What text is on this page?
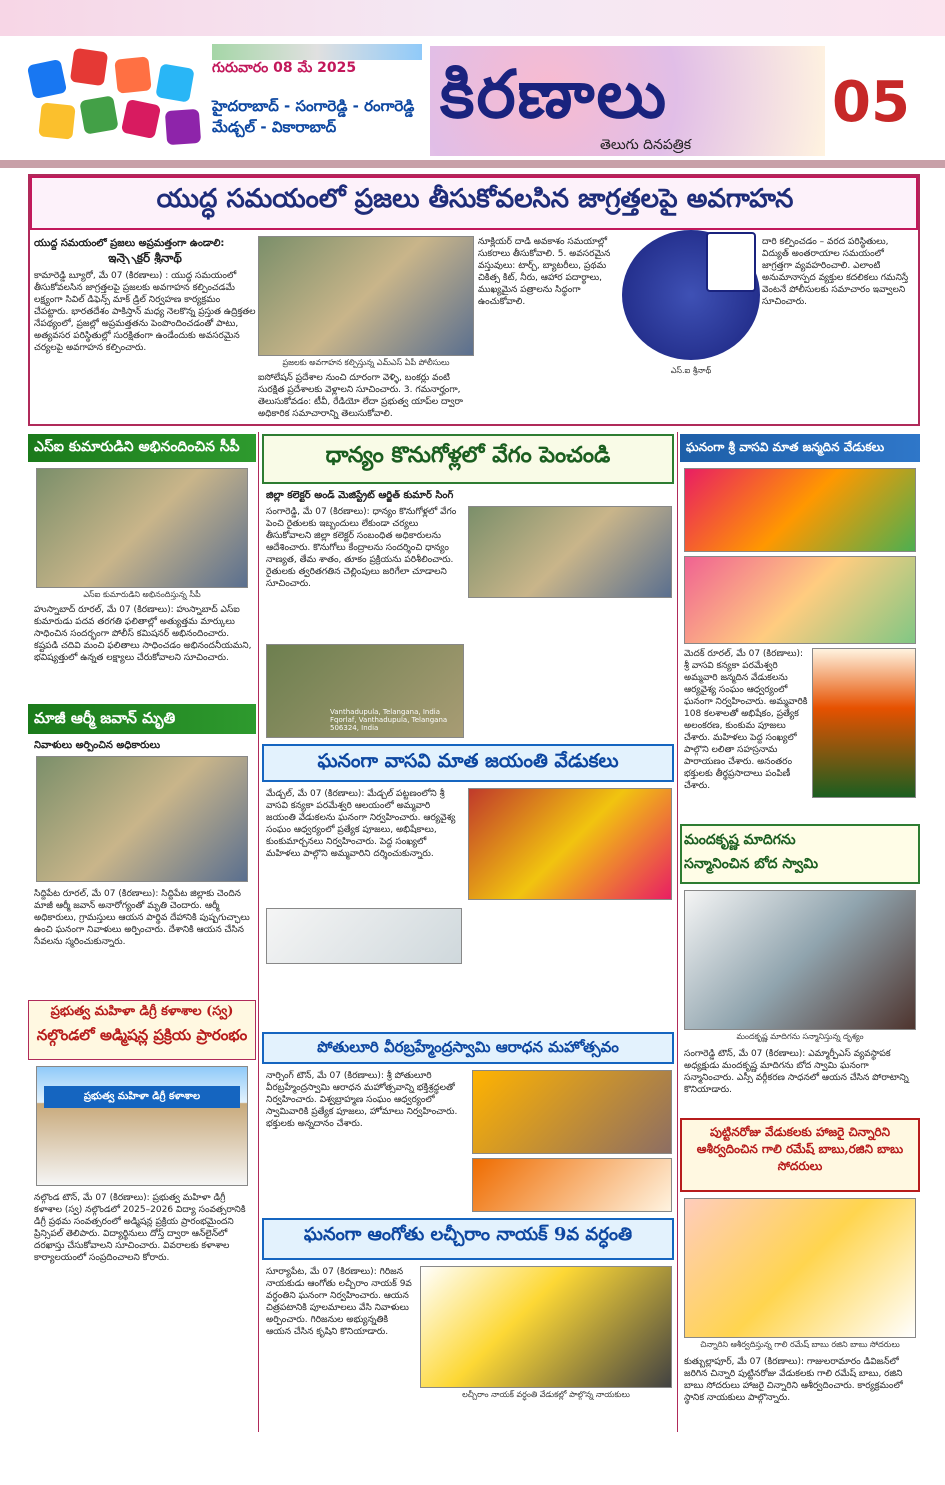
గురువారం 08 మే 2025
హైదరాబాద్ - సంగారెడ్డి - రంగారెడ్డి
మేడ్చల్ - వికారాబాద్	కిరణాలు
తెలుగు దినపత్రిక
05
యుద్ధ సమయంలో ప్రజలు తీసుకోవలసిన జాగ్రత్తలపై అవగాహన
యుద్ధ సమయంలో ప్రజలు అప్రమత్తంగా ఉండాలి:
ఇన్స్పెక్టర్ శ్రీనాథ్
కామారెడ్డి బ్యూరో, మే 07 (కిరణాలు) : యుద్ధ సమయంలో తీసుకోవలసిన జాగ్రత్తలపై ప్రజలకు అవగాహన కల్పించడమే లక్ష్యంగా సివిల్ డిఫెన్స్ మాక్ డ్రిల్ నిర్వహణ కార్యక్రమం చేపట్టారు. భారతదేశం పాకిస్తాన్ మధ్య నెలకొన్న ప్రస్తుత ఉద్రిక్తతల నేపథ్యంలో, ప్రజల్లో అప్రమత్తతను పెంపొందించడంతో పాటు, అత్యవసర పరిస్థితుల్లో సురక్షితంగా ఉండేందుకు అవసరమైన చర్యలపై అవగాహన కల్పించారు.
ప్రజలకు అవగాహన కల్పిస్తున్న ఎమ్‌ఎస్ ఏపీ పోలీసులు
ఐసోలేషన్ ప్రదేశాల నుంచి దూరంగా వెళ్ళి, బంకర్లు వంటి సురక్షిత ప్రదేశాలకు వెళ్లాలని సూచించారు. 3. గమనార్హంగా, తెలుసుకోవడం: టీవీ, రేడియో లేదా ప్రభుత్వ యాప్‌ల ద్వారా అధికారిక సమాచారాన్ని తెలుసుకోవాలి.
నూక్లియర్ దాడి అవకాశం సమయాల్లో సుకరాలు తీసుకోవాలి. 5. అవసరమైన వస్తువులు: టార్చ్, బ్యాటరీలు, ప్రథమ చికిత్స కిట్, నీరు, ఆహార పదార్థాలు, ముఖ్యమైన పత్రాలను సిద్ధంగా ఉంచుకోవాలి.
ఎస్.ఐ శ్రీనాథ్
దారి కల్పించడం – వరద పరిస్థితులు, విద్యుత్ అంతరాయాల సమయంలో జాగ్రత్తగా వ్యవహరించాలి. ఎలాంటి అనుమానాస్పద వ్యక్తుల కదలికలు గమనిస్తే వెంటనే పోలీసులకు సమాచారం ఇవ్వాలని సూచించారు.
ఎస్ఐ కుమారుడిని అభినందించిన సీపీ
ఎస్ఐ కుమారుడిని అభినందిస్తున్న సీపీ
హుస్నాబాద్ రూరల్, మే 07 (కిరణాలు): హుస్నాబాద్ ఎస్ఐ కుమారుడు పదవ తరగతి ఫలితాల్లో అత్యుత్తమ మార్కులు సాధించిన సందర్భంగా పోలీస్ కమిషనర్ అభినందించారు. కష్టపడి చదివి మంచి ఫలితాలు సాధించడం అభినందనీయమని, భవిష్యత్తులో ఉన్నత లక్ష్యాలు చేరుకోవాలని సూచించారు.
మాజీ ఆర్మీ జవాన్ మృతి
నివాళులు అర్పించిన అధికారులు
సిద్దిపేట రూరల్, మే 07 (కిరణాలు): సిద్దిపేట జిల్లాకు చెందిన మాజీ ఆర్మీ జవాన్ అనారోగ్యంతో మృతి చెందారు. ఆర్మీ అధికారులు, గ్రామస్తులు ఆయన పార్థివ దేహానికి పుష్పగుచ్ఛాలు ఉంచి ఘనంగా నివాళులు అర్పించారు. దేశానికి ఆయన చేసిన సేవలను స్మరించుకున్నారు.
ప్రభుత్వ మహిళా డిగ్రీ కళాశాల (స్వ)
నల్గొండలో అడ్మిషన్ల ప్రక్రియ ప్రారంభం
ప్రభుత్వ మహిళా డిగ్రీ కళాశాల
నల్గొండ టౌన్, మే 07 (కిరణాలు): ప్రభుత్వ మహిళా డిగ్రీ కళాశాల (స్వ) నల్గొండలో 2025–2026 విద్యా సంవత్సరానికి డిగ్రీ ప్రథమ సంవత్సరంలో అడ్మిషన్ల ప్రక్రియ ప్రారంభమైందని ప్రిన్సిపల్ తెలిపారు. విద్యార్థినులు దోస్త్ ద్వారా ఆన్‌లైన్‌లో దరఖాస్తు చేసుకోవాలని సూచించారు. వివరాలకు కళాశాల కార్యాలయంలో సంప్రదించాలని కోరారు.
ధాన్యం కొనుగోళ్లలో వేగం పెంచండి
జిల్లా కలెక్టర్ అండ్ మెజిస్ట్రేట్ ఆర్జిత్ కుమార్ సింగ్
సంగారెడ్డి, మే 07 (కిరణాలు): ధాన్యం కొనుగోళ్లలో వేగం పెంచి రైతులకు ఇబ్బందులు లేకుండా చర్యలు తీసుకోవాలని జిల్లా కలెక్టర్ సంబంధిత అధికారులను ఆదేశించారు. కొనుగోలు కేంద్రాలను సందర్శించి ధాన్యం నాణ్యత, తేమ శాతం, తూకం ప్రక్రియను పరిశీలించారు. రైతులకు త్వరితగతిన చెల్లింపులు జరిగేలా చూడాలని సూచించారు.
Vanthadupula, Telangana, India
Fqorlaf, Vanthadupula, Telangana 506324, India
ఘనంగా వాసవి మాత జయంతి వేడుకలు
మేడ్చల్, మే 07 (కిరణాలు): మేడ్చల్ పట్టణంలోని శ్రీ వాసవి కన్యకా పరమేశ్వరి ఆలయంలో అమ్మవారి జయంతి వేడుకలను ఘనంగా నిర్వహించారు. ఆర్యవైశ్య సంఘం ఆధ్వర్యంలో ప్రత్యేక పూజలు, అభిషేకాలు, కుంకుమార్చనలు నిర్వహించారు. పెద్ద సంఖ్యలో మహిళలు పాల్గొని అమ్మవారిని దర్శించుకున్నారు.
పోతులూరి వీరబ్రహ్మేంద్రస్వామి ఆరాధన మహోత్సవం
నార్సింగ్ టౌన్, మే 07 (కిరణాలు): శ్రీ పోతులూరి వీరబ్రహ్మేంద్రస్వామి ఆరాధన మహోత్సవాన్ని భక్తిశ్రద్ధలతో నిర్వహించారు. విశ్వబ్రాహ్మణ సంఘం ఆధ్వర్యంలో స్వామివారికి ప్రత్యేక పూజలు, హోమాలు నిర్వహించారు. భక్తులకు అన్నదానం చేశారు.
ఘనంగా ఆంగోతు లచ్చీరాం నాయక్ 9వ వర్ధంతి
సూర్యాపేట, మే 07 (కిరణాలు): గిరిజన నాయకుడు ఆంగోతు లచ్చీరాం నాయక్ 9వ వర్ధంతిని ఘనంగా నిర్వహించారు. ఆయన చిత్రపటానికి పూలమాలలు వేసి నివాళులు అర్పించారు. గిరిజనుల అభ్యున్నతికి ఆయన చేసిన కృషిని కొనియాడారు.
లచ్చీరాం నాయక్ వర్ధంతి వేడుకల్లో పాల్గొన్న నాయకులు
ఘనంగా శ్రీ వాసవి మాత జన్మదిన వేడుకలు
మెదక్ రూరల్, మే 07 (కిరణాలు): శ్రీ వాసవి కన్యకా పరమేశ్వరి అమ్మవారి జన్మదిన వేడుకలను ఆర్యవైశ్య సంఘం ఆధ్వర్యంలో ఘనంగా నిర్వహించారు. అమ్మవారికి 108 కలశాలతో అభిషేకం, ప్రత్యేక అలంకరణ, కుంకుమ పూజలు చేశారు. మహిళలు పెద్ద సంఖ్యలో పాల్గొని లలితా సహస్రనామ పారాయణం చేశారు. అనంతరం భక్తులకు తీర్థప్రసాదాలు పంపిణీ చేశారు.
మందకృష్ణ మాదిగను
సన్మానించిన బోద స్వామి
మందకృష్ణ మాదిగను సన్మానిస్తున్న దృశ్యం
సంగారెడ్డి టౌన్, మే 07 (కిరణాలు): ఎమ్మార్పీఎస్ వ్యవస్థాపక అధ్యక్షుడు మందకృష్ణ మాదిగను బోద స్వామి ఘనంగా సన్మానించారు. ఎస్సీ వర్గీకరణ సాధనలో ఆయన చేసిన పోరాటాన్ని కొనియాడారు.
పుట్టినరోజు వేడుకలకు హాజరై చిన్నారిని ఆశీర్వదించిన గాలి రమేష్ బాబు,రజిని బాబు సోదరులు
చిన్నారిని ఆశీర్వదిస్తున్న గాలి రమేష్ బాబు రజిని బాబు సోదరులు
కుత్బుల్లాపూర్, మే 07 (కిరణాలు): గాజులరామారం డివిజన్‌లో జరిగిన చిన్నారి పుట్టినరోజు వేడుకలకు గాలి రమేష్ బాబు, రజిని బాబు సోదరులు హాజరై చిన్నారిని ఆశీర్వదించారు. కార్యక్రమంలో స్థానిక నాయకులు పాల్గొన్నారు.
